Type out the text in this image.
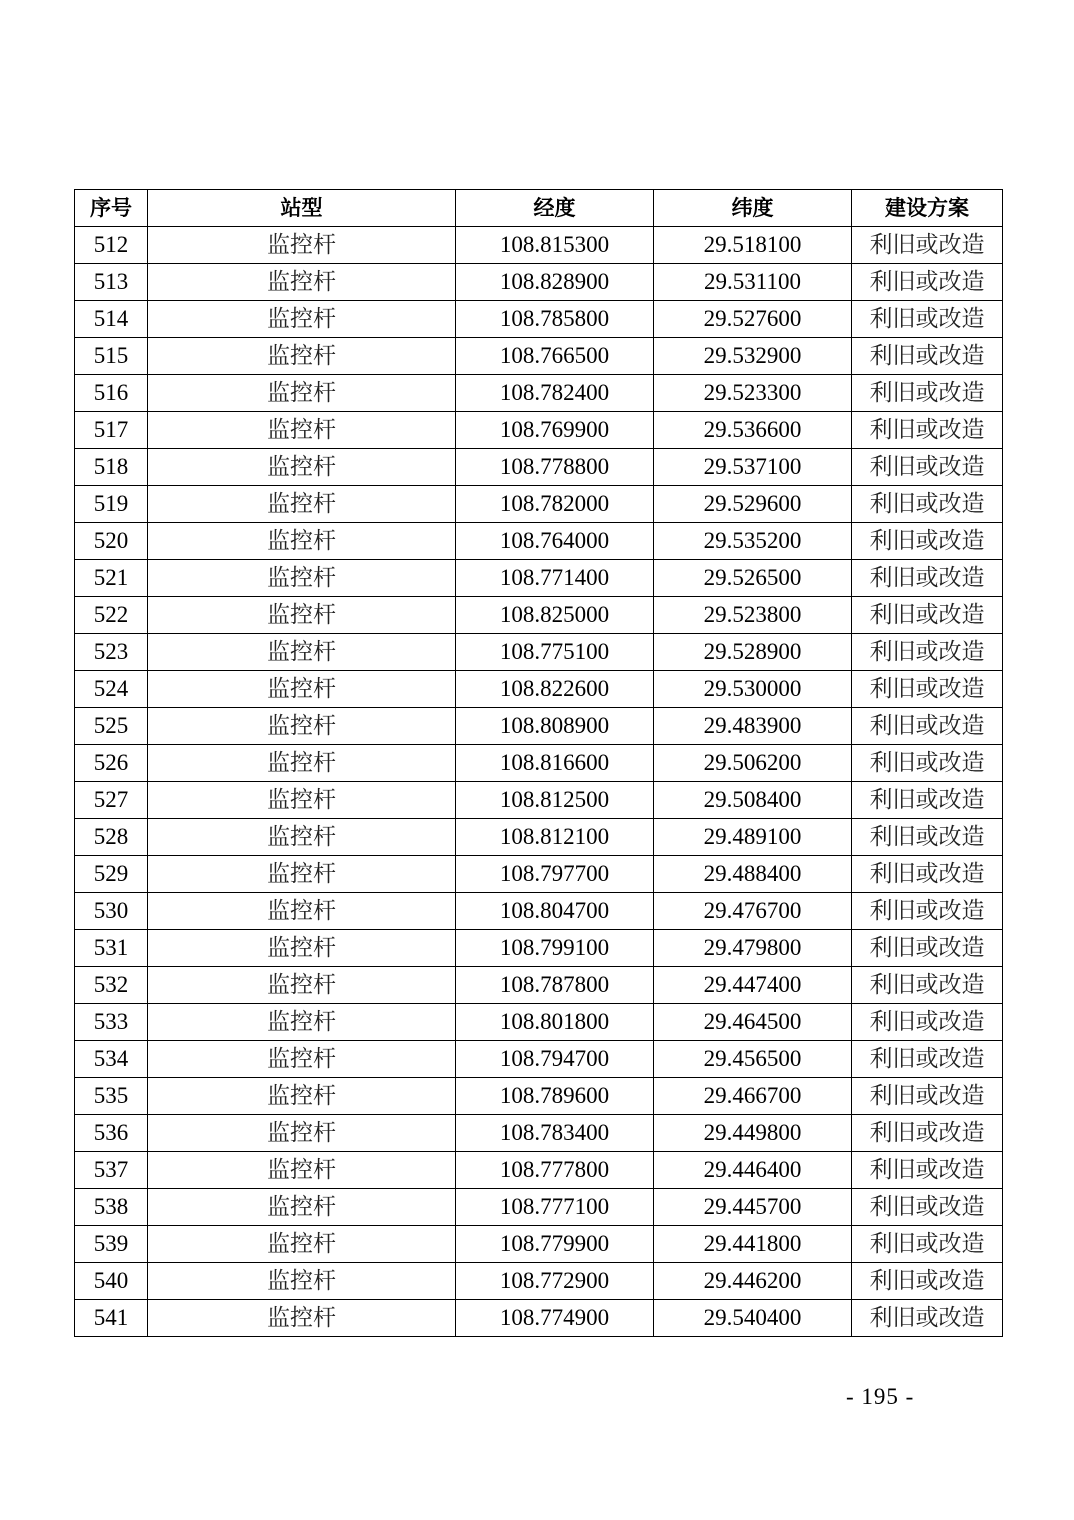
序号	站型	经度	纬度	建设方案
512	监控杆	108.815300	29.518100	利旧或改造
513	监控杆	108.828900	29.531100	利旧或改造
514	监控杆	108.785800	29.527600	利旧或改造
515	监控杆	108.766500	29.532900	利旧或改造
516	监控杆	108.782400	29.523300	利旧或改造
517	监控杆	108.769900	29.536600	利旧或改造
518	监控杆	108.778800	29.537100	利旧或改造
519	监控杆	108.782000	29.529600	利旧或改造
520	监控杆	108.764000	29.535200	利旧或改造
521	监控杆	108.771400	29.526500	利旧或改造
522	监控杆	108.825000	29.523800	利旧或改造
523	监控杆	108.775100	29.528900	利旧或改造
524	监控杆	108.822600	29.530000	利旧或改造
525	监控杆	108.808900	29.483900	利旧或改造
526	监控杆	108.816600	29.506200	利旧或改造
527	监控杆	108.812500	29.508400	利旧或改造
528	监控杆	108.812100	29.489100	利旧或改造
529	监控杆	108.797700	29.488400	利旧或改造
530	监控杆	108.804700	29.476700	利旧或改造
531	监控杆	108.799100	29.479800	利旧或改造
532	监控杆	108.787800	29.447400	利旧或改造
533	监控杆	108.801800	29.464500	利旧或改造
534	监控杆	108.794700	29.456500	利旧或改造
535	监控杆	108.789600	29.466700	利旧或改造
536	监控杆	108.783400	29.449800	利旧或改造
537	监控杆	108.777800	29.446400	利旧或改造
538	监控杆	108.777100	29.445700	利旧或改造
539	监控杆	108.779900	29.441800	利旧或改造
540	监控杆	108.772900	29.446200	利旧或改造
541	监控杆	108.774900	29.540400	利旧或改造
- 195 -
